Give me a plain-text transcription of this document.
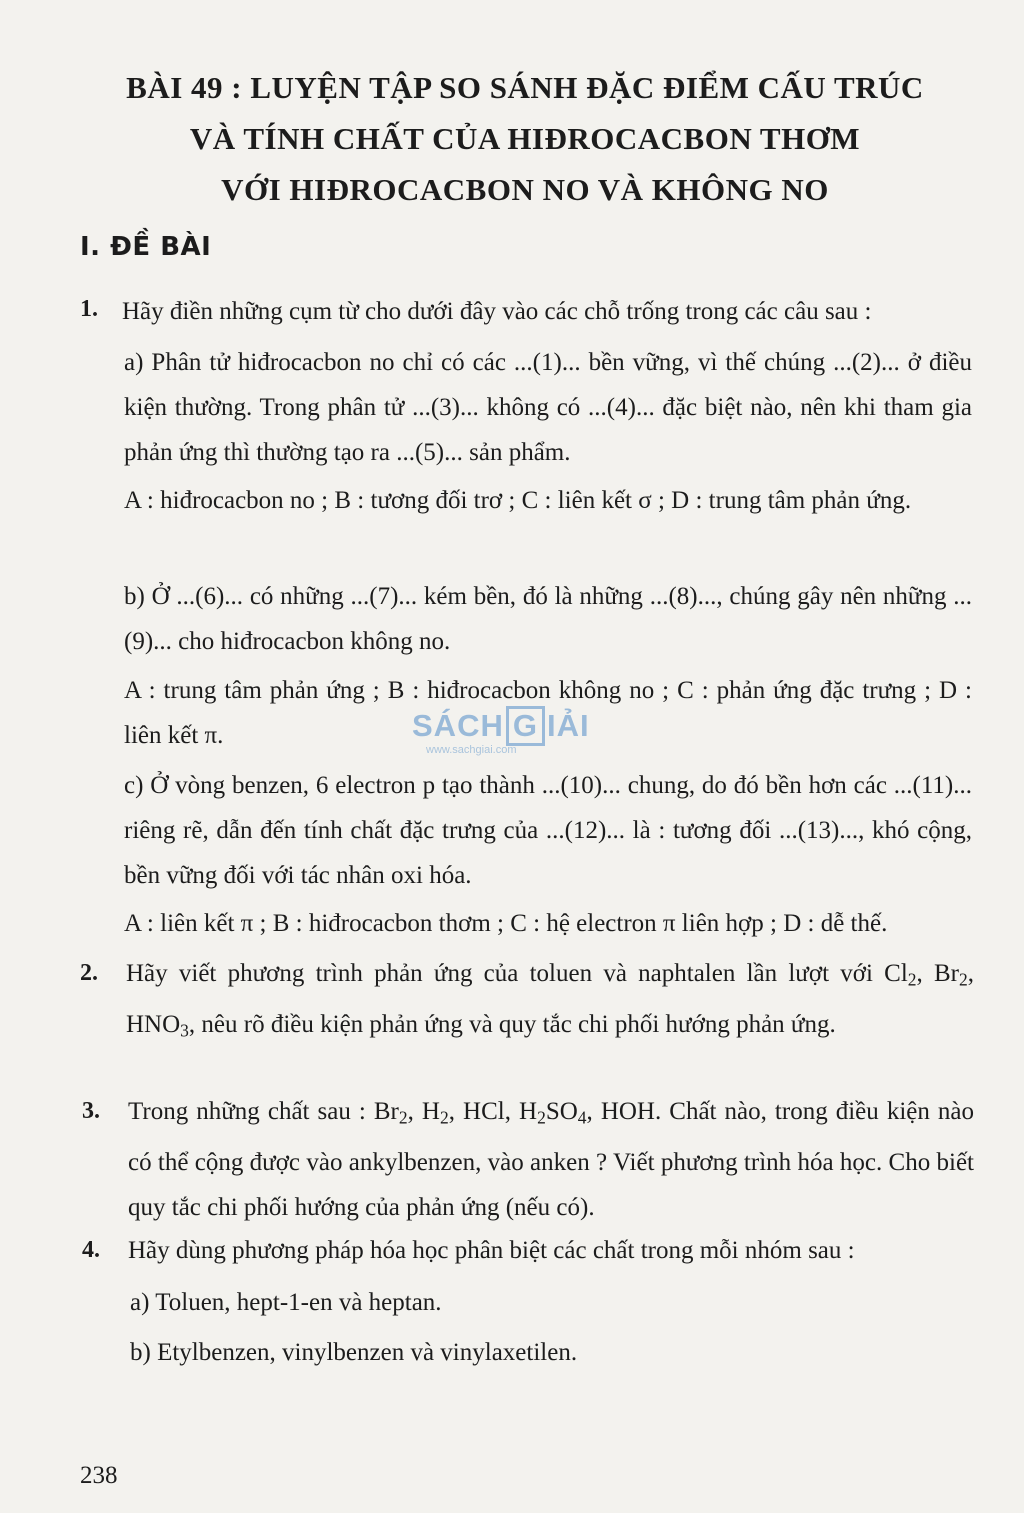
BÀI 49 : LUYỆN TẬP SO SÁNH ĐẶC ĐIỂM CẤU TRÚC
VÀ TÍNH CHẤT CỦA HIĐROCACBON THƠM
VỚI HIĐROCACBON NO VÀ KHÔNG NO
I. ĐỀ BÀI
1. Hãy điền những cụm từ cho dưới đây vào các chỗ trống trong các câu sau :
a) Phân tử hiđrocacbon no chỉ có các ...(1)... bền vững, vì thế chúng ...(2)... ở điều kiện thường. Trong phân tử ...(3)... không có ...(4)... đặc biệt nào, nên khi tham gia phản ứng thì thường tạo ra ...(5)... sản phẩm.
A : hiđrocacbon no ; B : tương đối trơ ; C : liên kết σ ; D : trung tâm phản ứng.
b) Ở ...(6)... có những ...(7)... kém bền, đó là những ...(8)..., chúng gây nên những ...(9)... cho hiđrocacbon không no.
A : trung tâm phản ứng ; B : hiđrocacbon không no ; C : phản ứng đặc trưng ; D : liên kết π.
c) Ở vòng benzen, 6 electron p tạo thành ...(10)... chung, do đó bền hơn các ...(11)... riêng rẽ, dẫn đến tính chất đặc trưng của ...(12)... là : tương đối ...(13)..., khó cộng, bền vững đối với tác nhân oxi hóa.
A : liên kết π ; B : hiđrocacbon thơm ; C : hệ electron π liên hợp ; D : dễ thế.
2. Hãy viết phương trình phản ứng của toluen và naphtalen lần lượt với $Cl_2$, $Br_2$, $HNO_3$, nêu rõ điều kiện phản ứng và quy tắc chi phối hướng phản ứng.
3. Trong những chất sau : $Br_2$, $H_2$, HCl, $H_2SO_4$, HOH. Chất nào, trong điều kiện nào có thể cộng được vào ankylbenzen, vào anken ? Viết phương trình hóa học. Cho biết quy tắc chi phối hướng của phản ứng (nếu có).
4. Hãy dùng phương pháp hóa học phân biệt các chất trong mỗi nhóm sau :
a) Toluen, hept-1-en và heptan.
b) Etylbenzen, vinylbenzen và vinylaxetilen.
SÁCH G IẢI
www.sachgiai.com
238
